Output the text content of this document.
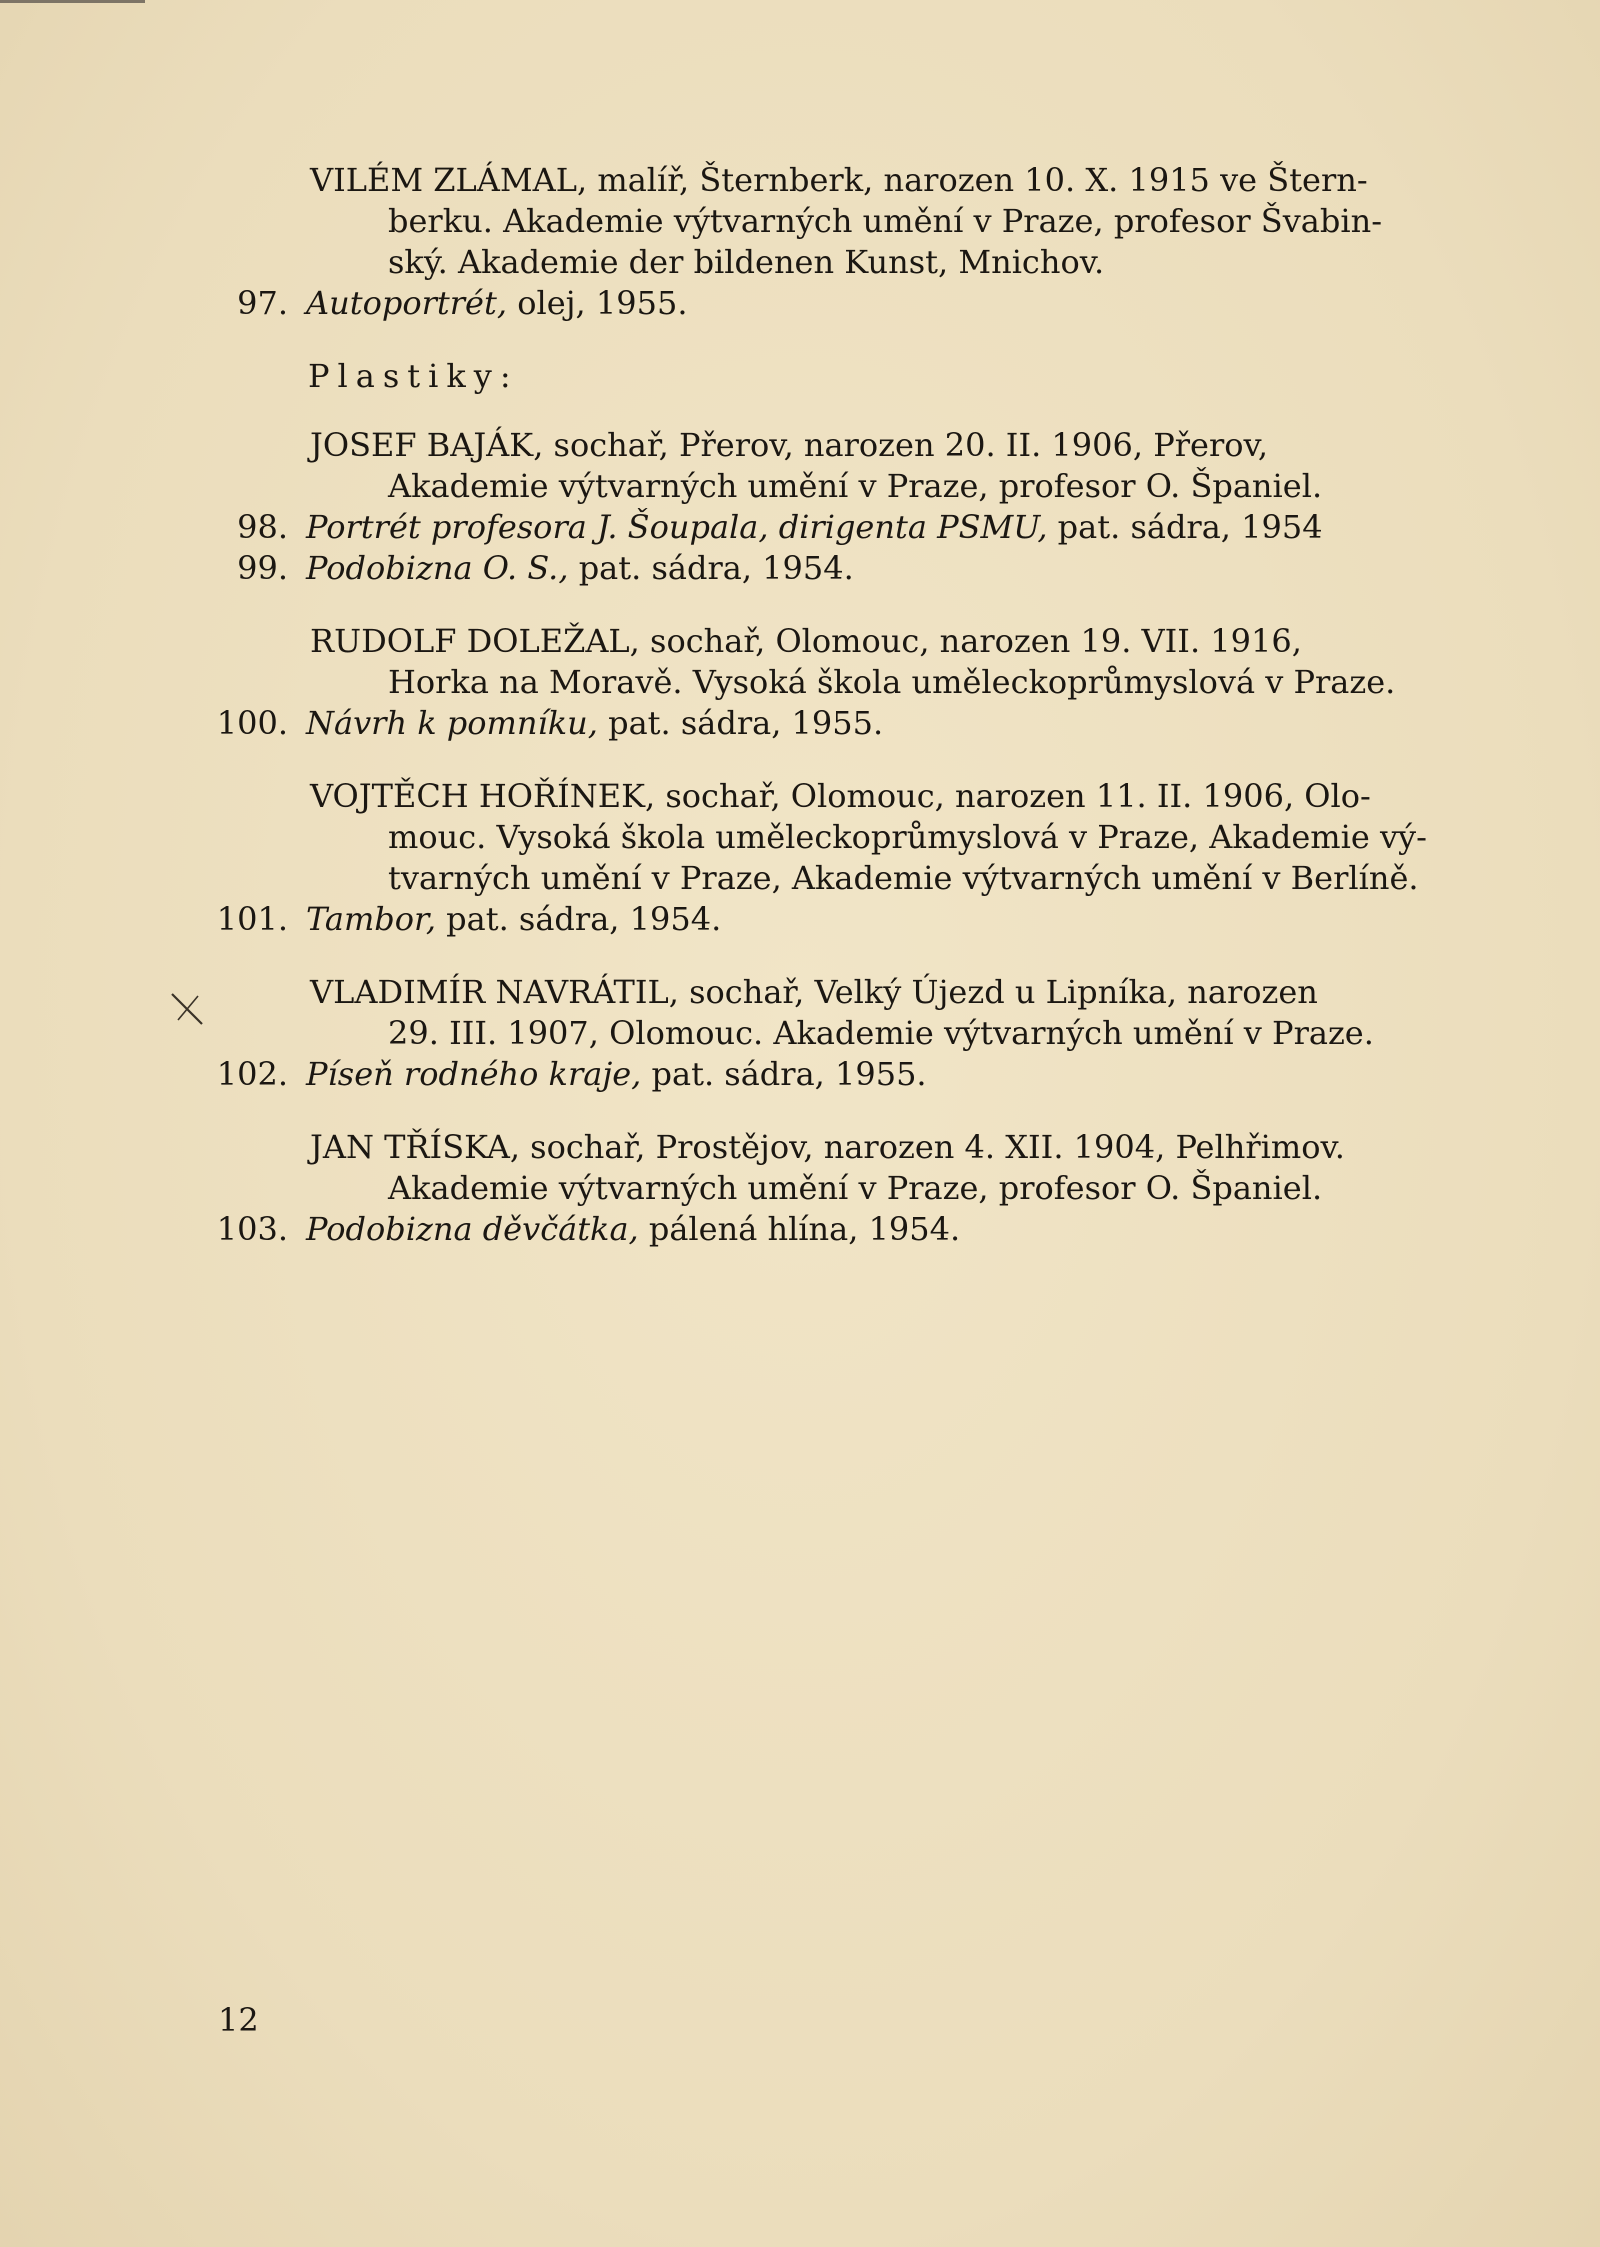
VILÉM ZLÁMAL, malíř, Šternberk, narozen 10. X. 1915 ve Štern-
berku. Akademie výtvarných umění v Praze, profesor Švabin-
ský. Akademie der bildenen Kunst, Mnichov.
97. Autoportrét, olej, 1955.
Plastiky:
JOSEF BAJÁK, sochař, Přerov, narozen 20. II. 1906, Přerov,
Akademie výtvarných umění v Praze, profesor O. Španiel.
98. Portrét profesora J. Šoupala, dirigenta PSMU, pat. sádra, 1954
99. Podobizna O. S., pat. sádra, 1954.
RUDOLF DOLEŽAL, sochař, Olomouc, narozen 19. VII. 1916,
Horka na Moravě. Vysoká škola uměleckoprůmyslová v Praze.
100. Návrh k pomníku, pat. sádra, 1955.
VOJTĚCH HOŘÍNEK, sochař, Olomouc, narozen 11. II. 1906, Olo-
mouc. Vysoká škola uměleckoprůmyslová v Praze, Akademie vý-
tvarných umění v Praze, Akademie výtvarných umění v Berlíně.
101. Tambor, pat. sádra, 1954.
VLADIMÍR NAVRÁTIL, sochař, Velký Újezd u Lipníka, narozen
29. III. 1907, Olomouc. Akademie výtvarných umění v Praze.
102. Píseň rodného kraje, pat. sádra, 1955.
JAN TŘÍSKA, sochař, Prostějov, narozen 4. XII. 1904, Pelhřimov.
Akademie výtvarných umění v Praze, profesor O. Španiel.
103. Podobizna děvčátka, pálená hlína, 1954.
12
